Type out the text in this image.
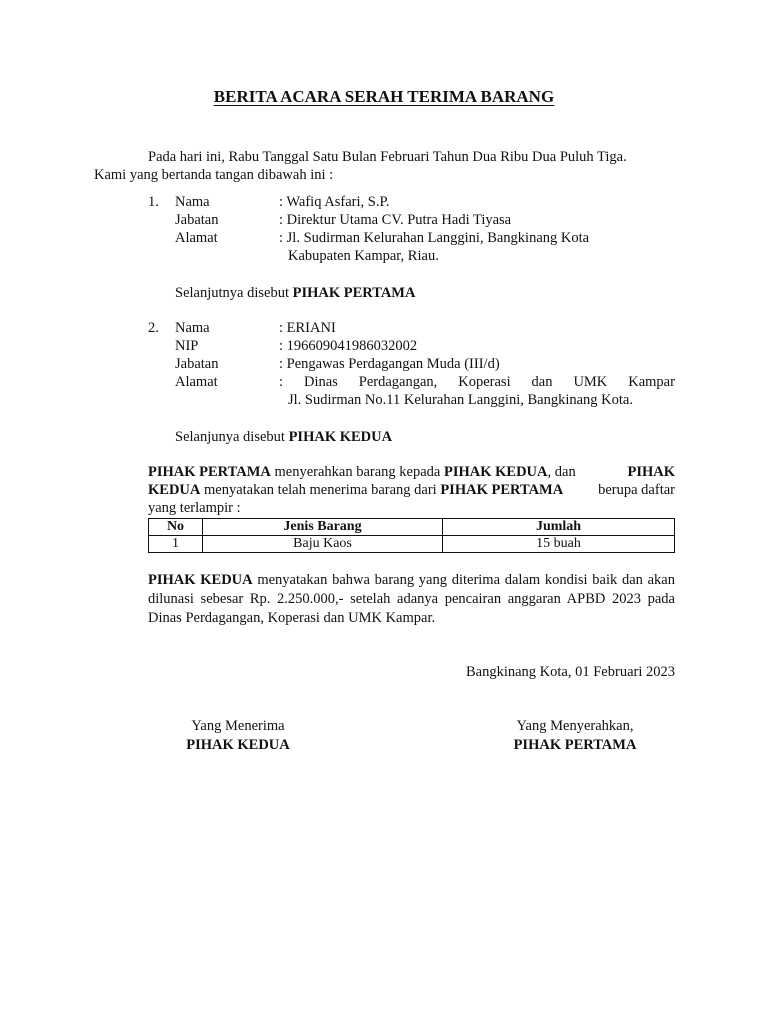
BERITA ACARA SERAH TERIMA BARANG
Pada hari ini, Rabu Tanggal Satu Bulan Februari Tahun Dua Ribu Dua Puluh Tiga.
Kami yang bertanda tangan dibawah ini :
1. Nama	: Wafiq Asfari, S.P.
Jabatan	: Direktur Utama CV. Putra Hadi Tiyasa
Alamat	: Jl. Sudirman Kelurahan Langgini, Bangkinang Kota
Kabupaten Kampar, Riau.
Selanjutnya disebut PIHAK PERTAMA
2. Nama	: ERIANI
NIP	: 196609041986032002
Jabatan	: Pengawas Perdagangan Muda (III/d)
Alamat	: Dinas Perdagangan, Koperasi dan UMK Kampar
Jl. Sudirman No.11 Kelurahan Langgini, Bangkinang Kota.
Selanjunya disebut PIHAK KEDUA
PIHAK PERTAMA menyerahkan barang kepada PIHAK KEDUA, dan	PIHAK
KEDUA menyatakan telah menerima barang dari PIHAK PERTAMA berupa daftar
yang terlampir :
No	Jenis Barang	Jumlah
1	Baju Kaos	15 buah
PIHAK KEDUA menyatakan bahwa barang yang diterima dalam kondisi baik dan akan dilunasi sebesar Rp. 2.250.000,- setelah adanya pencairan anggaran APBD 2023 pada Dinas Perdagangan, Koperasi dan UMK Kampar.
Bangkinang Kota, 01 Februari 2023
Yang Menerima
PIHAK KEDUA
Yang Menyerahkan,
PIHAK PERTAMA
